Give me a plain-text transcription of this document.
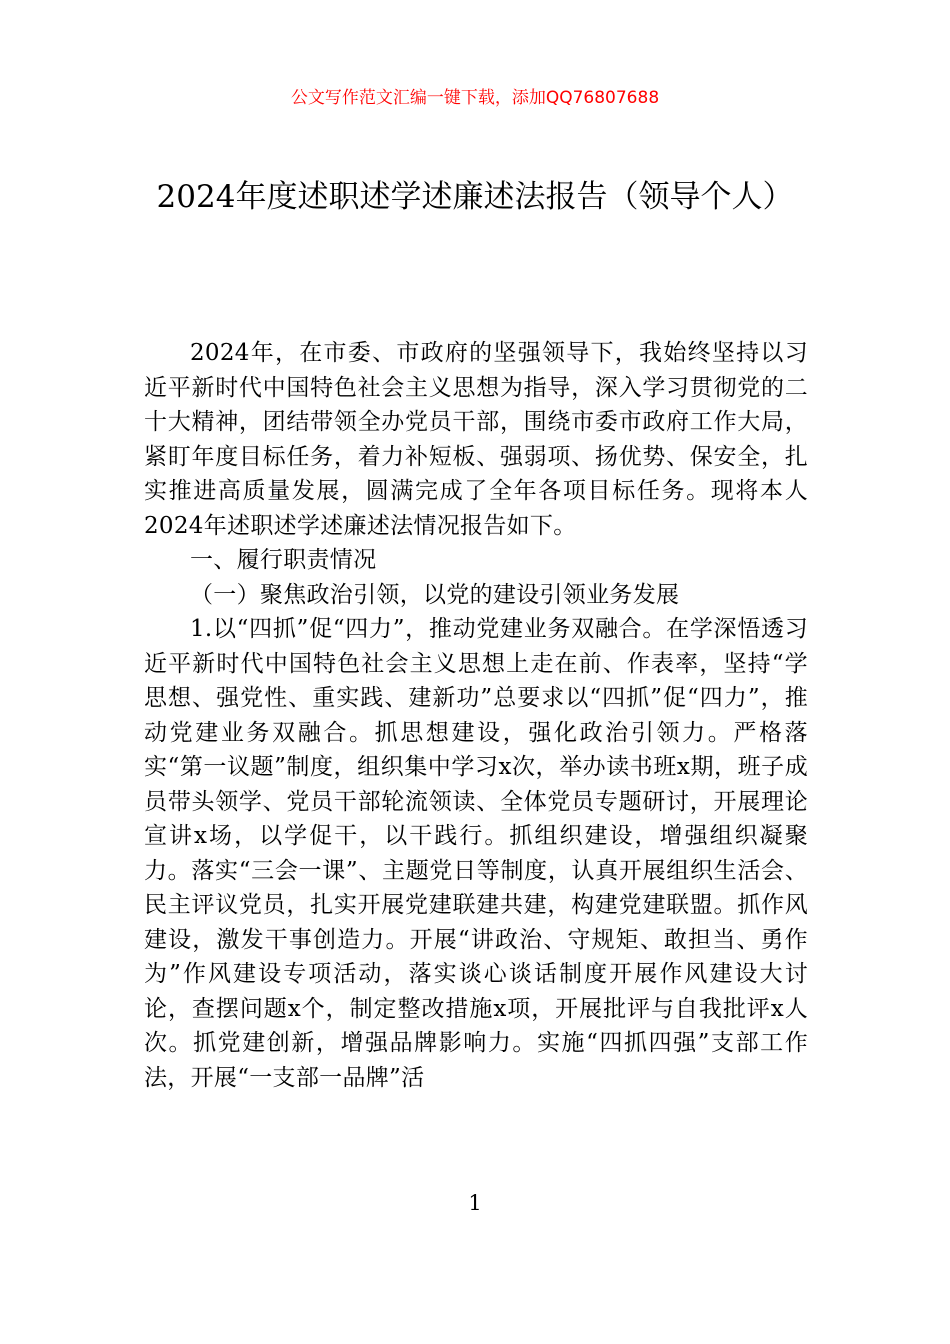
公文写作范文汇编一键下载，添加QQ76807688
2024年度述职述学述廉述法报告（领导个人）

2024年，在市委、市政府的坚强领导下，我始终坚持以习近平新时代中国特色社会主义思想为指导，深入学习贯彻党的二十大精神，团结带领全办党员干部，围绕市委市政府工作大局，紧盯年度目标任务，着力补短板、强弱项、扬优势、保安全，扎实推进高质量发展，圆满完成了全年各项目标任务。现将本人2024年述职述学述廉述法情况报告如下。

一、履行职责情况

（一）聚焦政治引领，以党的建设引领业务发展

1.以“四抓”促“四力”，推动党建业务双融合。在学深悟透习近平新时代中国特色社会主义思想上走在前、作表率，坚持“学思想、强党性、重实践、建新功”总要求以“四抓”促“四力”，推动党建业务双融合。抓思想建设，强化政治引领力。严格落实“第一议题”制度，组织集中学习x次，举办读书班x期，班子成员带头领学、党员干部轮流领读、全体党员专题研讨，开展理论宣讲x场，以学促干，以干践行。抓组织建设，增强组织凝聚力。落实“三会一课”、主题党日等制度，认真开展组织生活会、民主评议党员，扎实开展党建联建共建，构建党建联盟。抓作风建设，激发干事创造力。开展“讲政治、守规矩、敢担当、勇作为”作风建设专项活动，落实谈心谈话制度开展作风建设大讨论，查摆问题x个，制定整改措施x项，开展批评与自我批评x人次。抓党建创新，增强品牌影响力。实施“四抓四强”支部工作法，开展“一支部一品牌”活

1
